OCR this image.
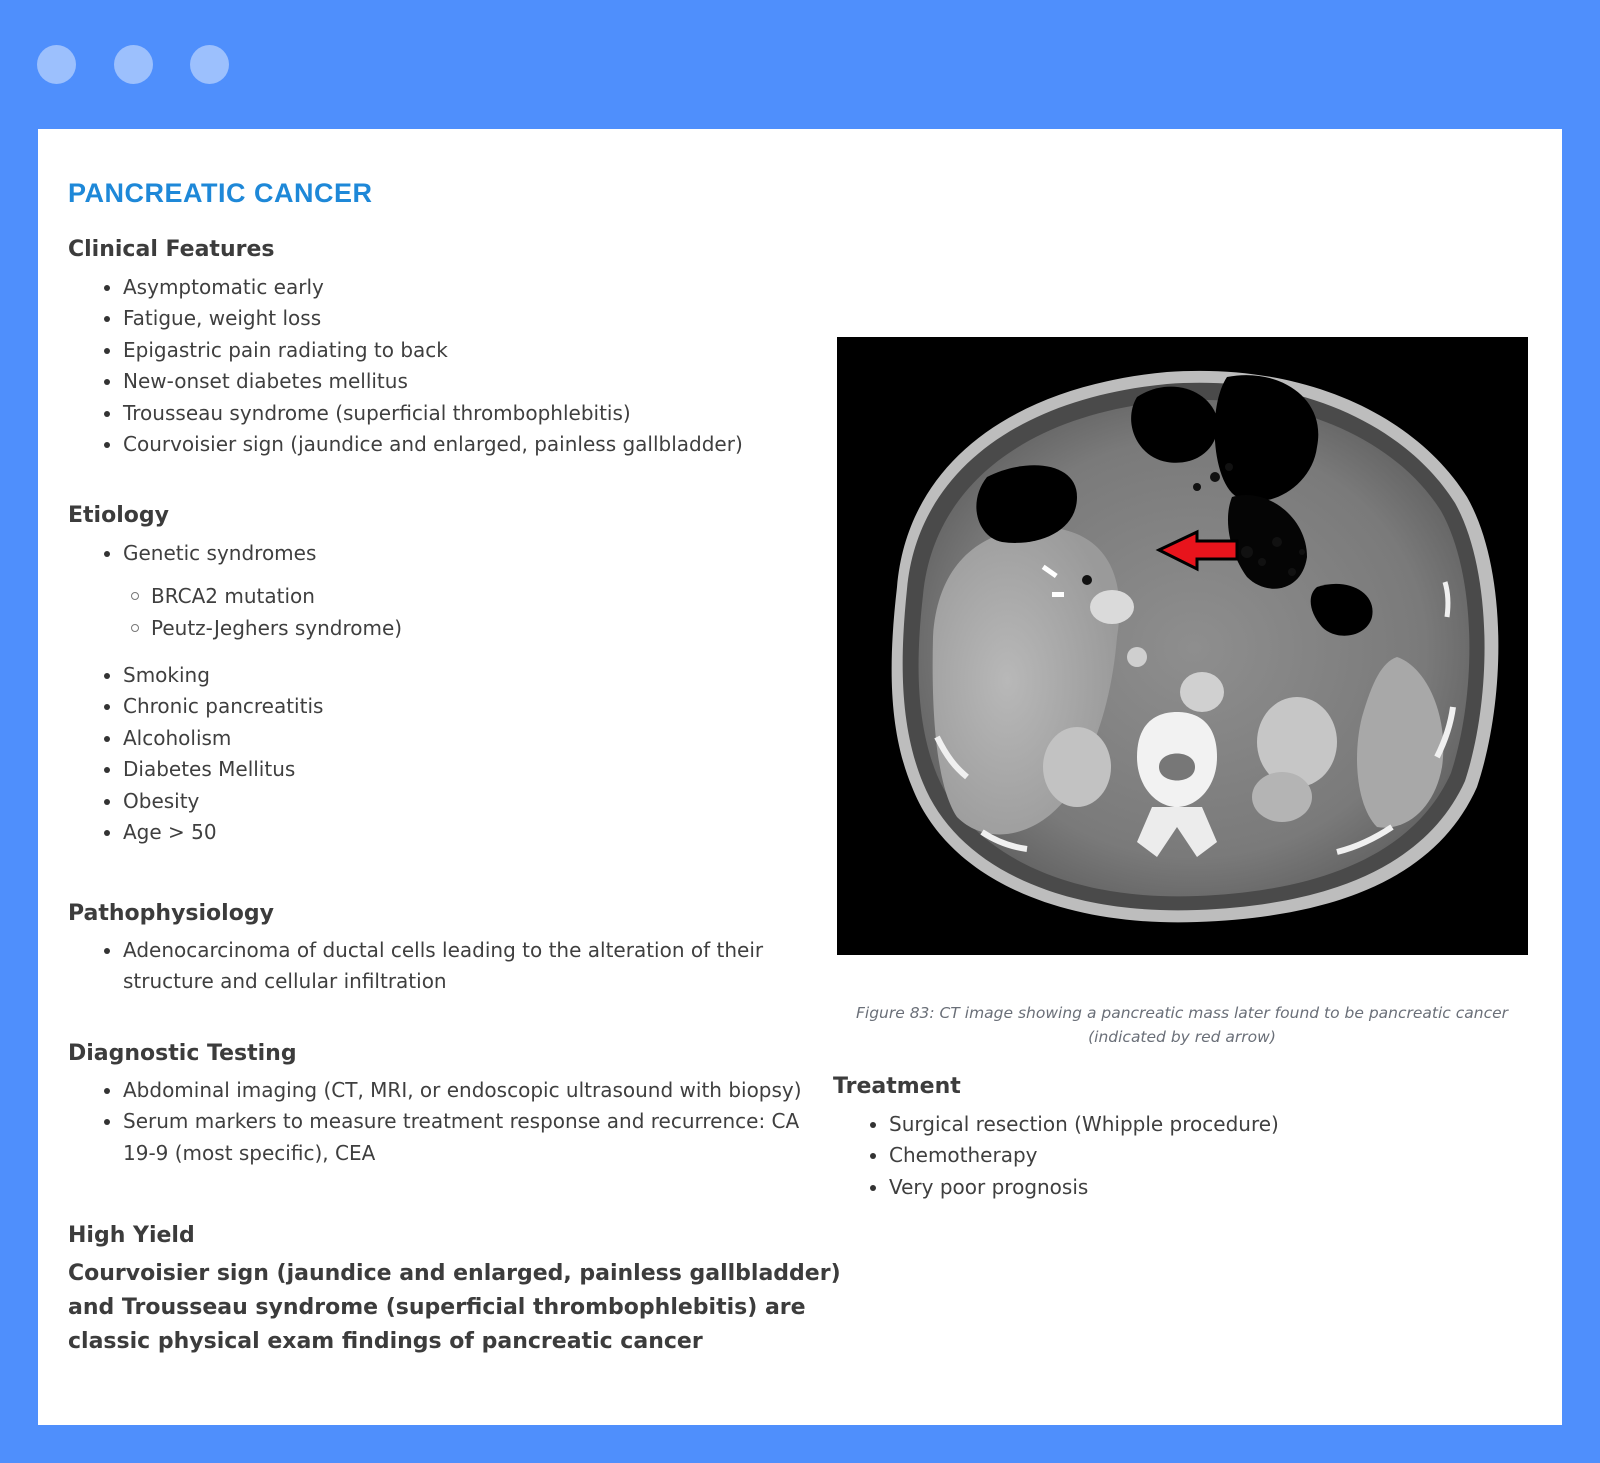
PANCREATIC CANCER
Clinical Features
Asymptomatic early
Fatigue, weight loss
Epigastric pain radiating to back
New-onset diabetes mellitus
Trousseau syndrome (superficial thrombophlebitis)
Courvoisier sign (jaundice and enlarged, painless gallbladder)
Etiology
Genetic syndromes
BRCA2 mutation
Peutz-Jeghers syndrome)
Smoking
Chronic pancreatitis
Alcoholism
Diabetes Mellitus
Obesity
Age > 50
Pathophysiology
Adenocarcinoma of ductal cells leading to the alteration of their structure and cellular infiltration
Diagnostic Testing
Abdominal imaging (CT, MRI, or endoscopic ultrasound with biopsy)
Serum markers to measure treatment response and recurrence: CA 19-9 (most specific), CEA
High Yield

Courvoisier sign (jaundice and enlarged, painless gallbladder) and Trousseau syndrome (superficial thrombophlebitis) are classic physical exam findings of pancreatic cancer

Figure 83: CT image showing a pancreatic mass later found to be pancreatic cancer (indicated by red arrow)

Treatment
Surgical resection (Whipple procedure)
Chemotherapy
Very poor prognosis
